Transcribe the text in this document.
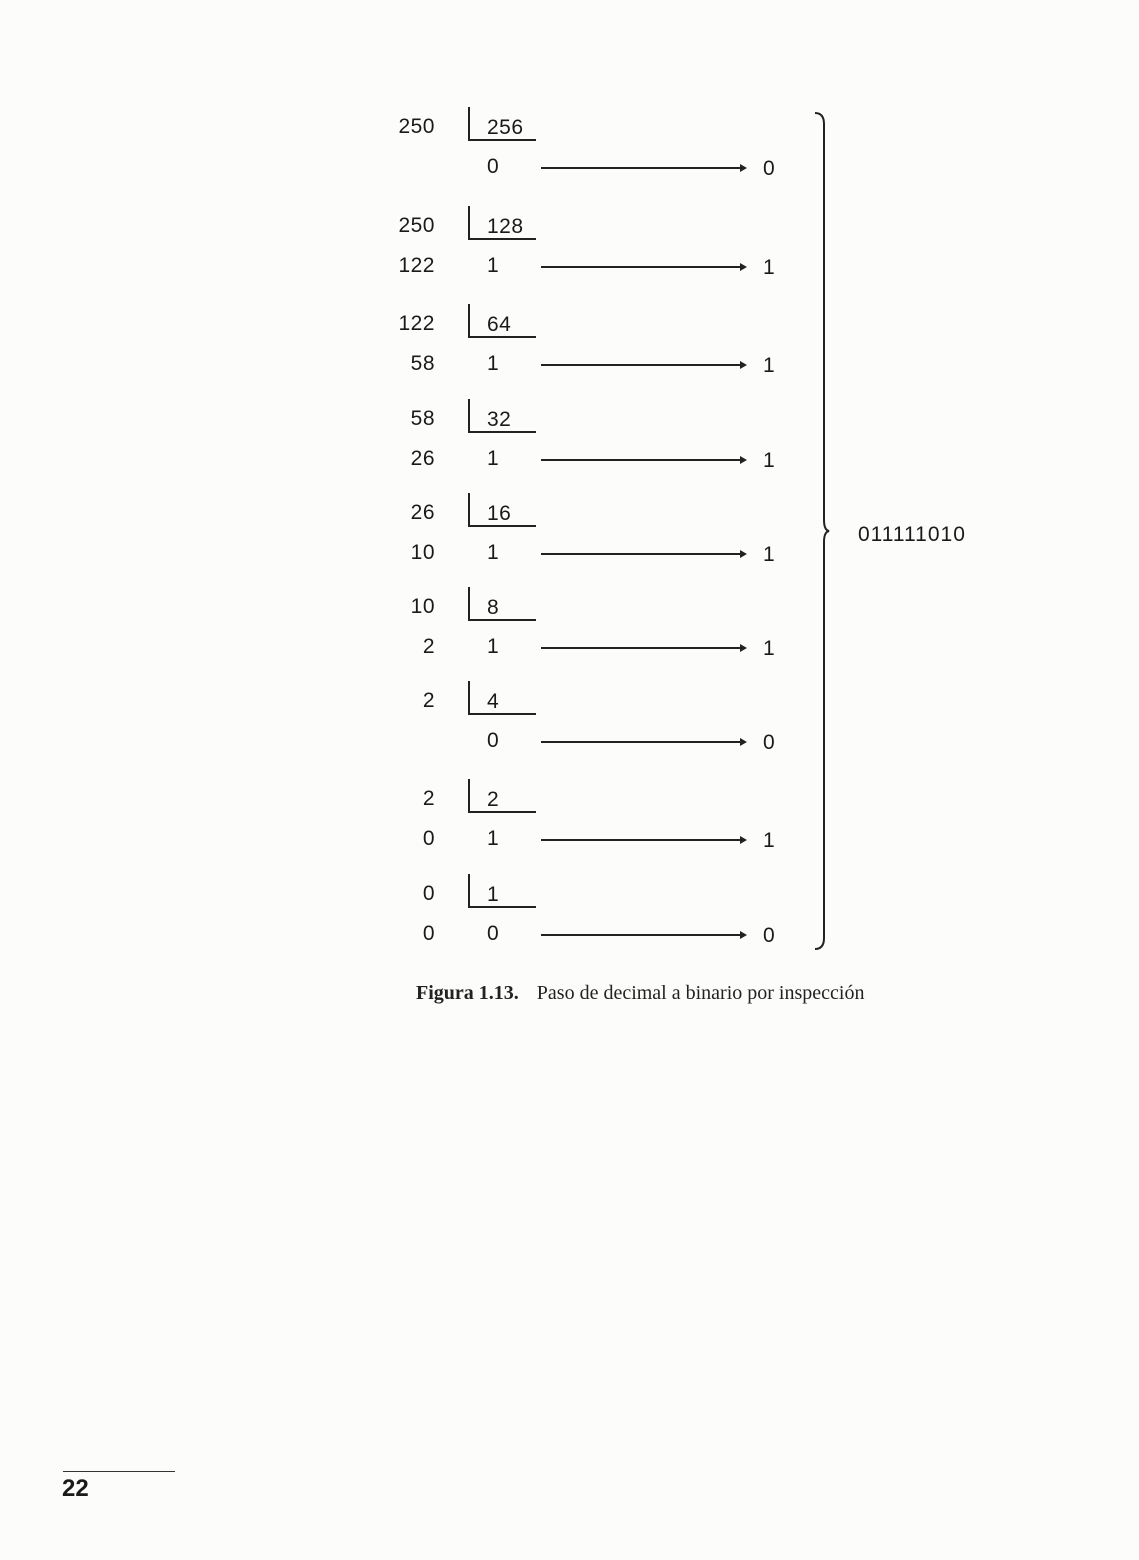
250 256
0	0
250 128
122 1	1
122 64
58 1	1
58 32
26 1	1
26 16
10 1	1
10 8
2 1	1
2 4
0	0
2 2
0 1	1
0 1
0 0	0
011111010
Figura 1.13. Paso de decimal a binario por inspección
22
